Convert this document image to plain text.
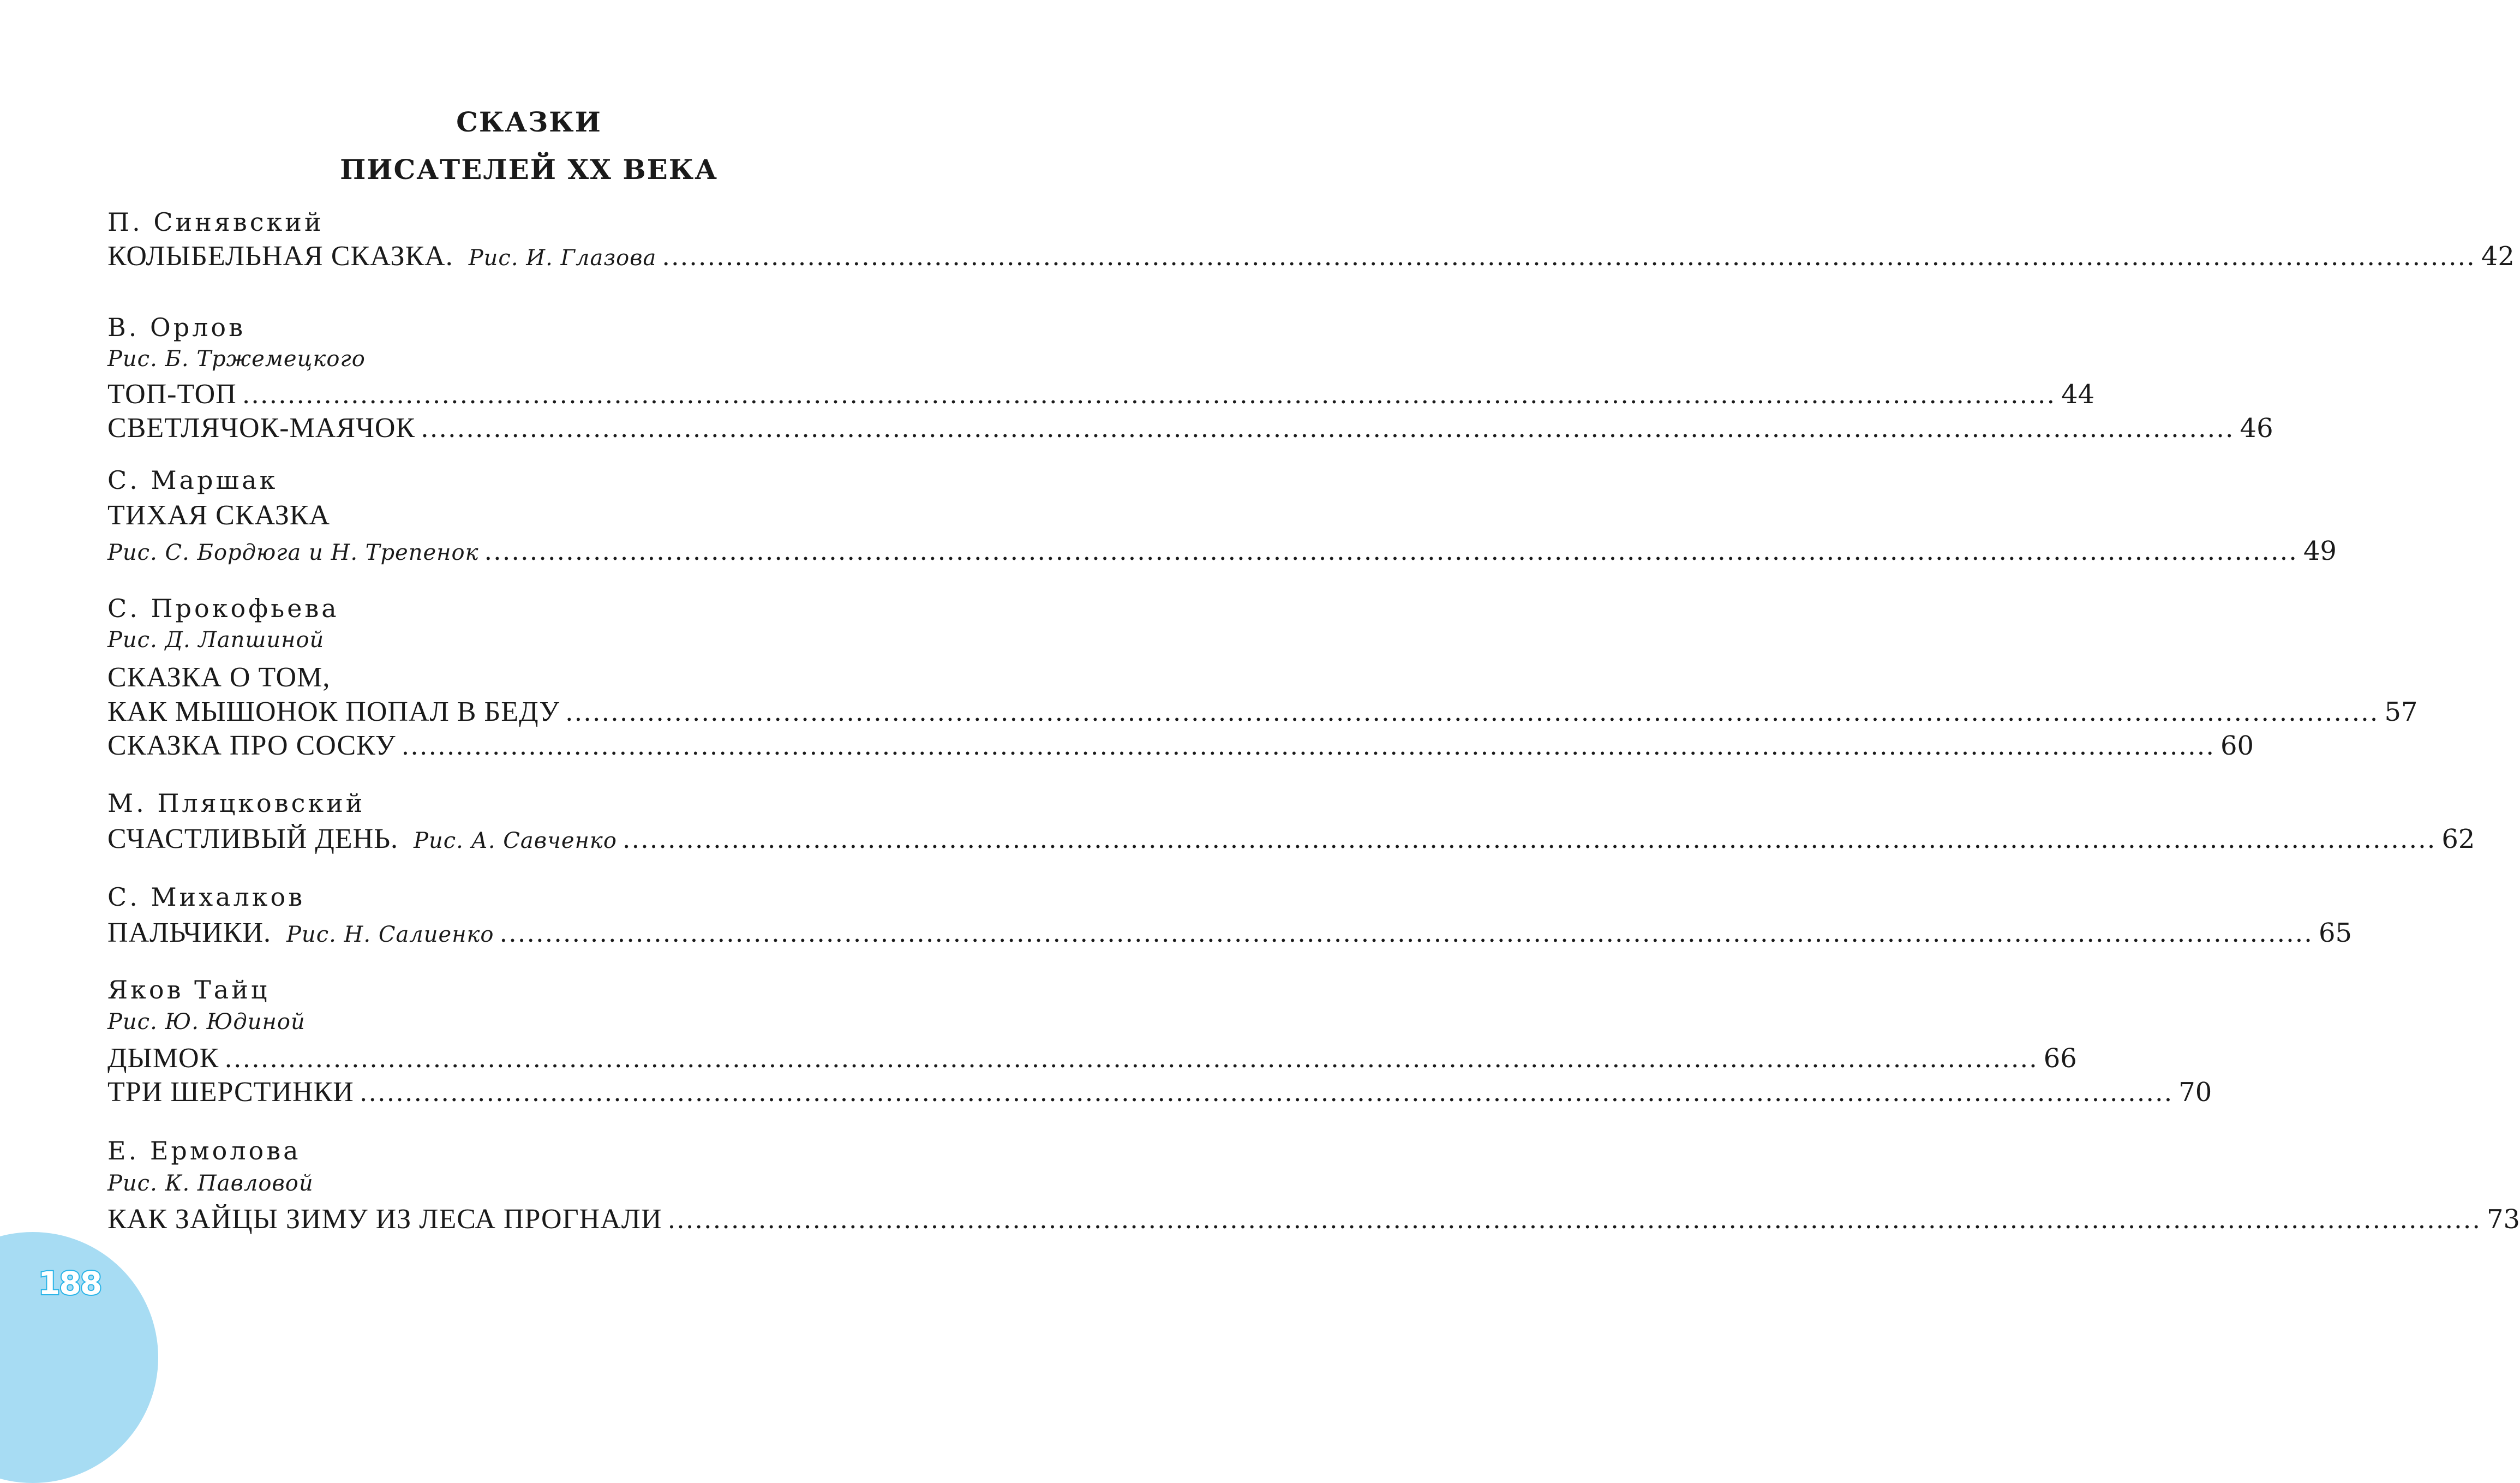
СКАЗКИ
ПИСАТЕЛЕЙ XX ВЕКА
П. Синявский
КОЛЫБЕЛЬНАЯ СКАЗКА. Рис. И. Глазова ........................................................................................................................................................................................................ 42
В. Орлов
Рис. Б. Тржемецкого
ТОП-ТОП ........................................................................................................................................................................................................ 44
СВЕТЛЯЧОК-МАЯЧОК ........................................................................................................................................................................................................ 46
С. Маршак
ТИХАЯ СКАЗКА
Рис. С. Бордюга и Н. Трепенок ........................................................................................................................................................................................................ 49
С. Прокофьева
Рис. Д. Лапшиной
СКАЗКА О ТОМ,
КАК МЫШОНОК ПОПАЛ В БЕДУ ........................................................................................................................................................................................................ 57
СКАЗКА ПРО СОСКУ ........................................................................................................................................................................................................ 60
М. Пляцковский
СЧАСТЛИВЫЙ ДЕНЬ. Рис. А. Савченко ........................................................................................................................................................................................................ 62
С. Михалков
ПАЛЬЧИКИ. Рис. Н. Салиенко ........................................................................................................................................................................................................ 65
Яков Тайц
Рис. Ю. Юдиной
ДЫМОК ........................................................................................................................................................................................................ 66
ТРИ ШЕРСТИНКИ ........................................................................................................................................................................................................ 70
Е. Ермолова
Рис. К. Павловой
КАК ЗАЙЦЫ ЗИМУ ИЗ ЛЕСА ПРОГНАЛИ ........................................................................................................................................................................................................ 73
188
